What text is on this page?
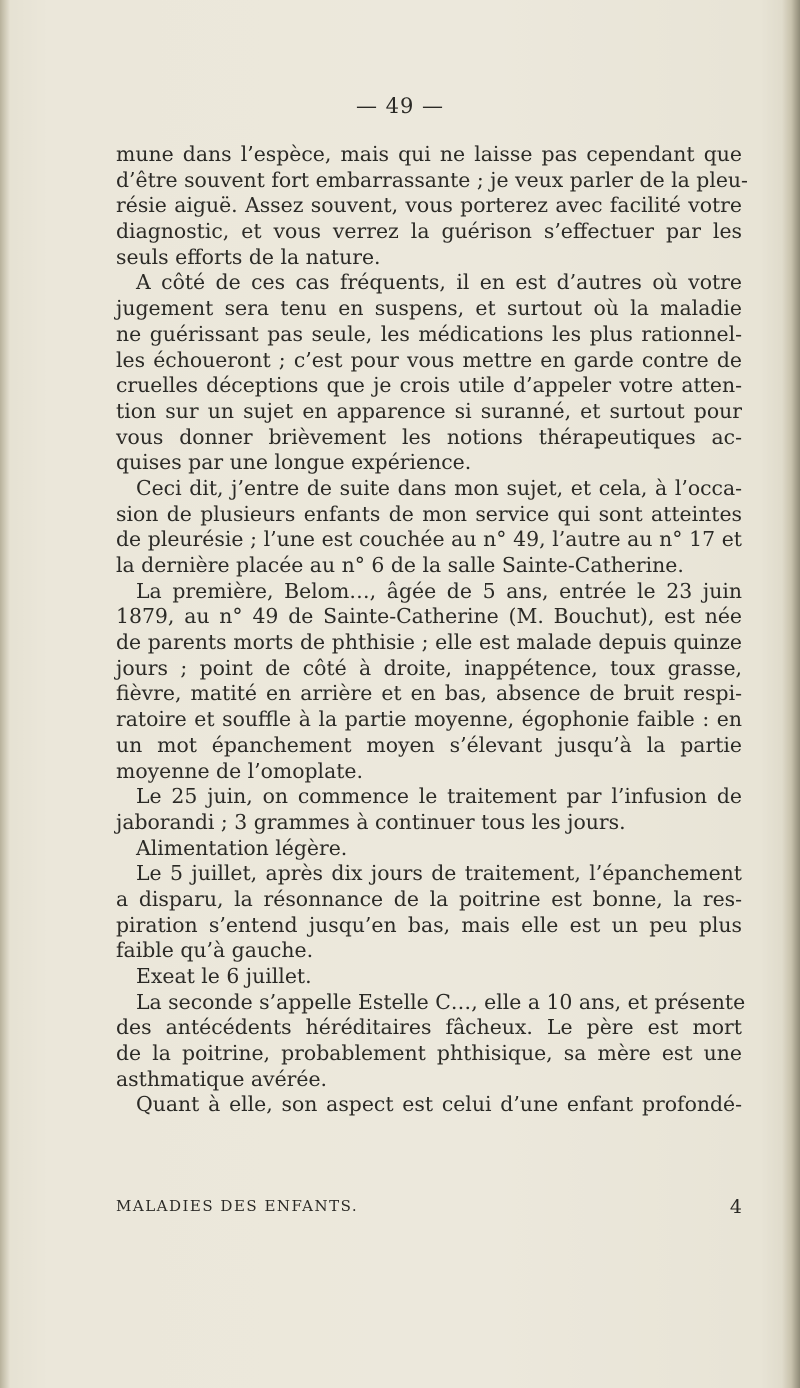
— 49 —
mune dans l’espèce, mais qui ne laisse pas cependant que
d’être souvent fort embarrassante ; je veux parler de la pleu-
résie aiguë. Assez souvent, vous porterez avec facilité votre
diagnostic, et vous verrez la guérison s’effectuer par les
seuls efforts de la nature.
A côté de ces cas fréquents, il en est d’autres où votre
jugement sera tenu en suspens, et surtout où la maladie
ne guérissant pas seule, les médications les plus rationnel-
les échoueront ; c’est pour vous mettre en garde contre de
cruelles déceptions que je crois utile d’appeler votre atten-
tion sur un sujet en apparence si suranné, et surtout pour
vous donner brièvement les notions thérapeutiques ac-
quises par une longue expérience.
Ceci dit, j’entre de suite dans mon sujet, et cela, à l’occa-
sion de plusieurs enfants de mon service qui sont atteintes
de pleurésie ; l’une est couchée au n° 49, l’autre au n° 17 et
la dernière placée au n° 6 de la salle Sainte-Catherine.
La première, Belom…, âgée de 5 ans, entrée le 23 juin
1879, au n° 49 de Sainte-Catherine (M. Bouchut), est née
de parents morts de phthisie ; elle est malade depuis quinze
jours ; point de côté à droite, inappétence, toux grasse,
fièvre, matité en arrière et en bas, absence de bruit respi-
ratoire et souffle à la partie moyenne, égophonie faible : en
un mot épanchement moyen s’élevant jusqu’à la partie
moyenne de l’omoplate.
Le 25 juin, on commence le traitement par l’infusion de
jaborandi ; 3 grammes à continuer tous les jours.
Alimentation légère.
Le 5 juillet, après dix jours de traitement, l’épanchement
a disparu, la résonnance de la poitrine est bonne, la res-
piration s’entend jusqu’en bas, mais elle est un peu plus
faible qu’à gauche.
Exeat le 6 juillet.
La seconde s’appelle Estelle C…, elle a 10 ans, et présente
des antécédents héréditaires fâcheux. Le père est mort
de la poitrine, probablement phthisique, sa mère est une
asthmatique avérée.
Quant à elle, son aspect est celui d’une enfant profondé-
MALADIES DES ENFANTS.	4
